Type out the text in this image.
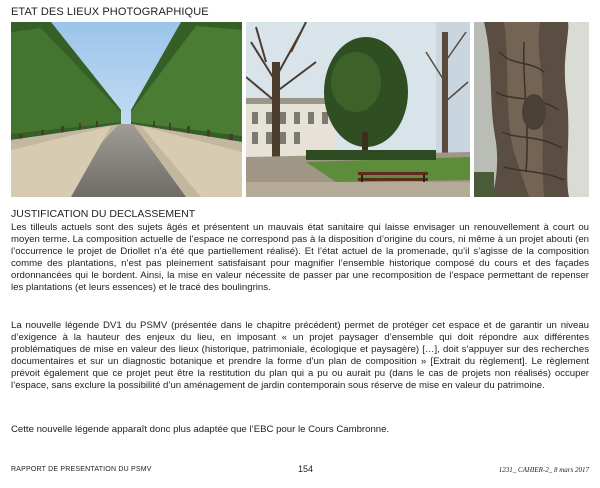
ETAT DES LIEUX PHOTOGRAPHIQUE
JUSTIFICATION DU DECLASSEMENT

Les tilleuls actuels sont des sujets âgés et présentent un mauvais état sanitaire qui laisse envisager un renouvellement à court ou moyen terme. La composition actuelle de l’espace ne correspond pas à la disposition d’origine du cours, ni même à un projet abouti (en l’occurrence le projet de Driollet n’a été que partiellement réalisé). Et l’état actuel de la promenade, qu’il s’agisse de la composition comme des plantations, n’est pas pleinement satisfaisant pour magnifier l’ensemble historique composé du cours et des façades ordonnancées qui le bordent. Ainsi, la mise en valeur nécessite de passer par une recomposition de l’espace permettant de repenser les plantations (et leurs essences) et le tracé des boulingrins.

La nouvelle légende DV1 du PSMV (présentée dans le chapitre précédent) permet de protéger cet espace et de garantir un niveau d’exigence à la hauteur des enjeux du lieu, en imposant « un projet paysager d’ensemble qui doit répondre aux différentes problématiques de mise en valeur des lieux (historique, patrimoniale, écologique et paysagère) […], doit s’appuyer sur des recherches documentaires et sur un diagnostic botanique et prendre la forme d’un plan de composition » [Extrait du règlement]. Le règlement prévoit également que ce projet peut être la restitution du plan qui a pu ou aurait pu (dans le cas de projets non réalisés) occuper l’espace, sans exclure la possibilité d’un aménagement de jardin contemporain sous réserve de mise en valeur du patrimoine.

Cette nouvelle légende apparaît donc plus adaptée que l’EBC pour le Cours Cambronne.

RAPPORT DE PRESENTATION DU PSMV	154	1231_ CAHIER-2_ 8 mars 2017
